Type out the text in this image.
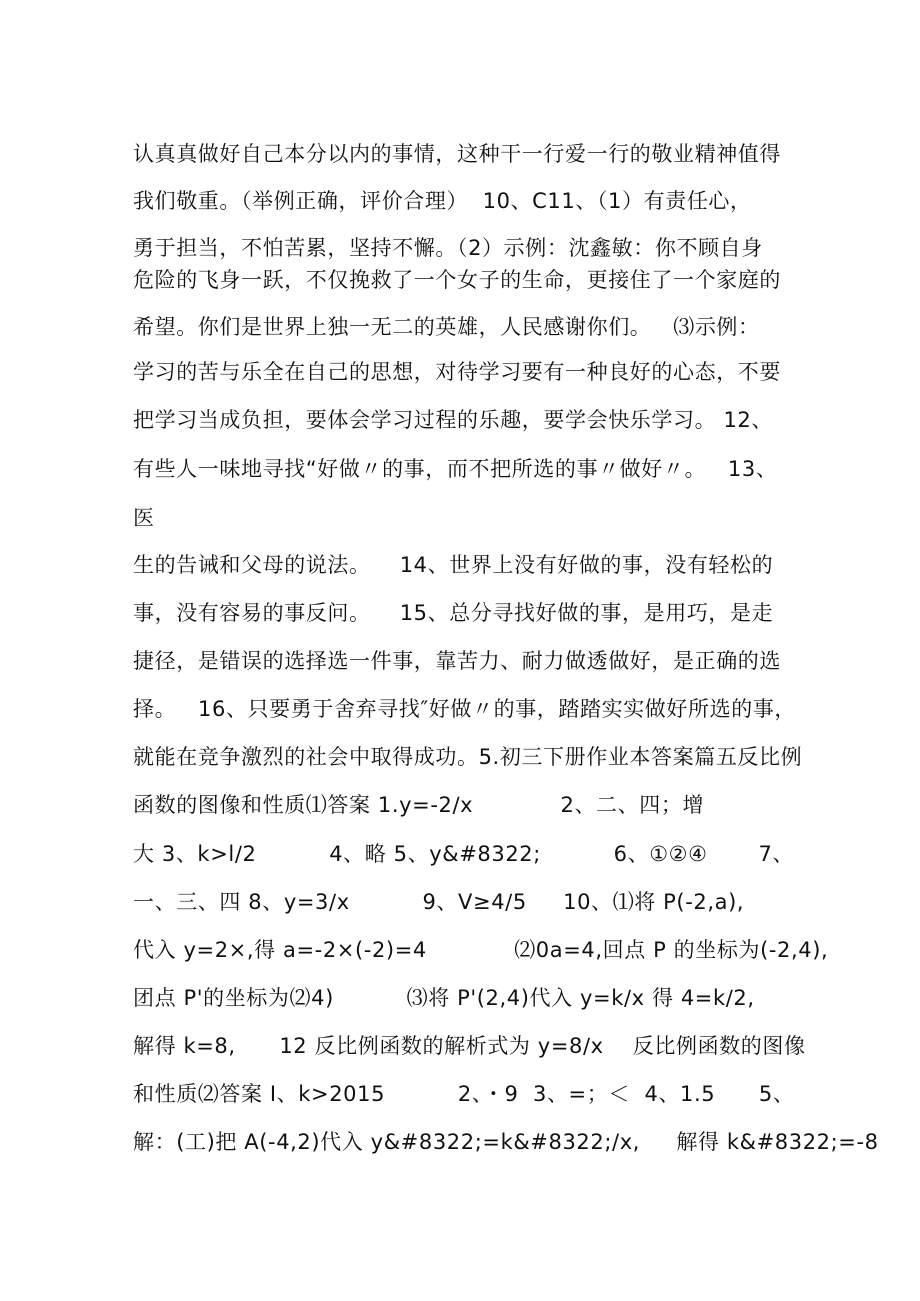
认真真做好自己本分以内的事情，这种干一行爱一行的敬业精神值得
我们敬重。（举例正确，评价合理）  10、C11、（1）有责任心，
勇于担当，不怕苦累，坚持不懈。（2）示例：沈鑫敏：你不顾自身
危险的飞身一跃，不仅挽救了一个女子的生命，更接住了一个家庭的
希望。你们是世界上独一无二的英雄，人民感谢你们。   ⑶示例：
学习的苦与乐全在自己的思想，对待学习要有一种良好的心态，不要
把学习当成负担，要体会学习过程的乐趣，要学会快乐学习。 12、
有些人一味地寻找“好做〃的事，而不把所选的事〃做好〃。   13、
医
生的告诫和父母的说法。    14、世界上没有好做的事，没有轻松的
事，没有容易的事反问。    15、总分寻找好做的事，是用巧，是走
捷径，是错误的选择选一件事，靠苦力、耐力做透做好，是正确的选
择。   16、只要勇于舍弃寻找″好做〃的事，踏踏实实做好所选的事，
就能在竞争激烈的社会中取得成功。5.初三下册作业本答案篇五反比例
函数的图像和性质⑴答案 1.y=-2∕x            2、二、四；增
大 3、k>l∕2          4、略 5、y&#8322;          6、①②④       7、
一、三、四 8、y=3∕x          9、V≥4∕5     10、⑴将 P(-2,a),
代入 y=2×,得 a=-2×(-2)=4            ⑵0a=4,回点 P 的坐标为(-2,4),
团点 P'的坐标为⑵4)          ⑶将 P'(2,4)代入 y=k∕x 得 4=k∕2,
解得 k=8,      12 反比例函数的解析式为 y=8∕x    反比例函数的图像
和性质⑵答案 I、k>2015          2、・9  3、=；＜  4、1.5      5、
解：(工)把 A(-4,2)代入 y&#8322;=k&#8322;/x,     解得 k&#8322;=-8
